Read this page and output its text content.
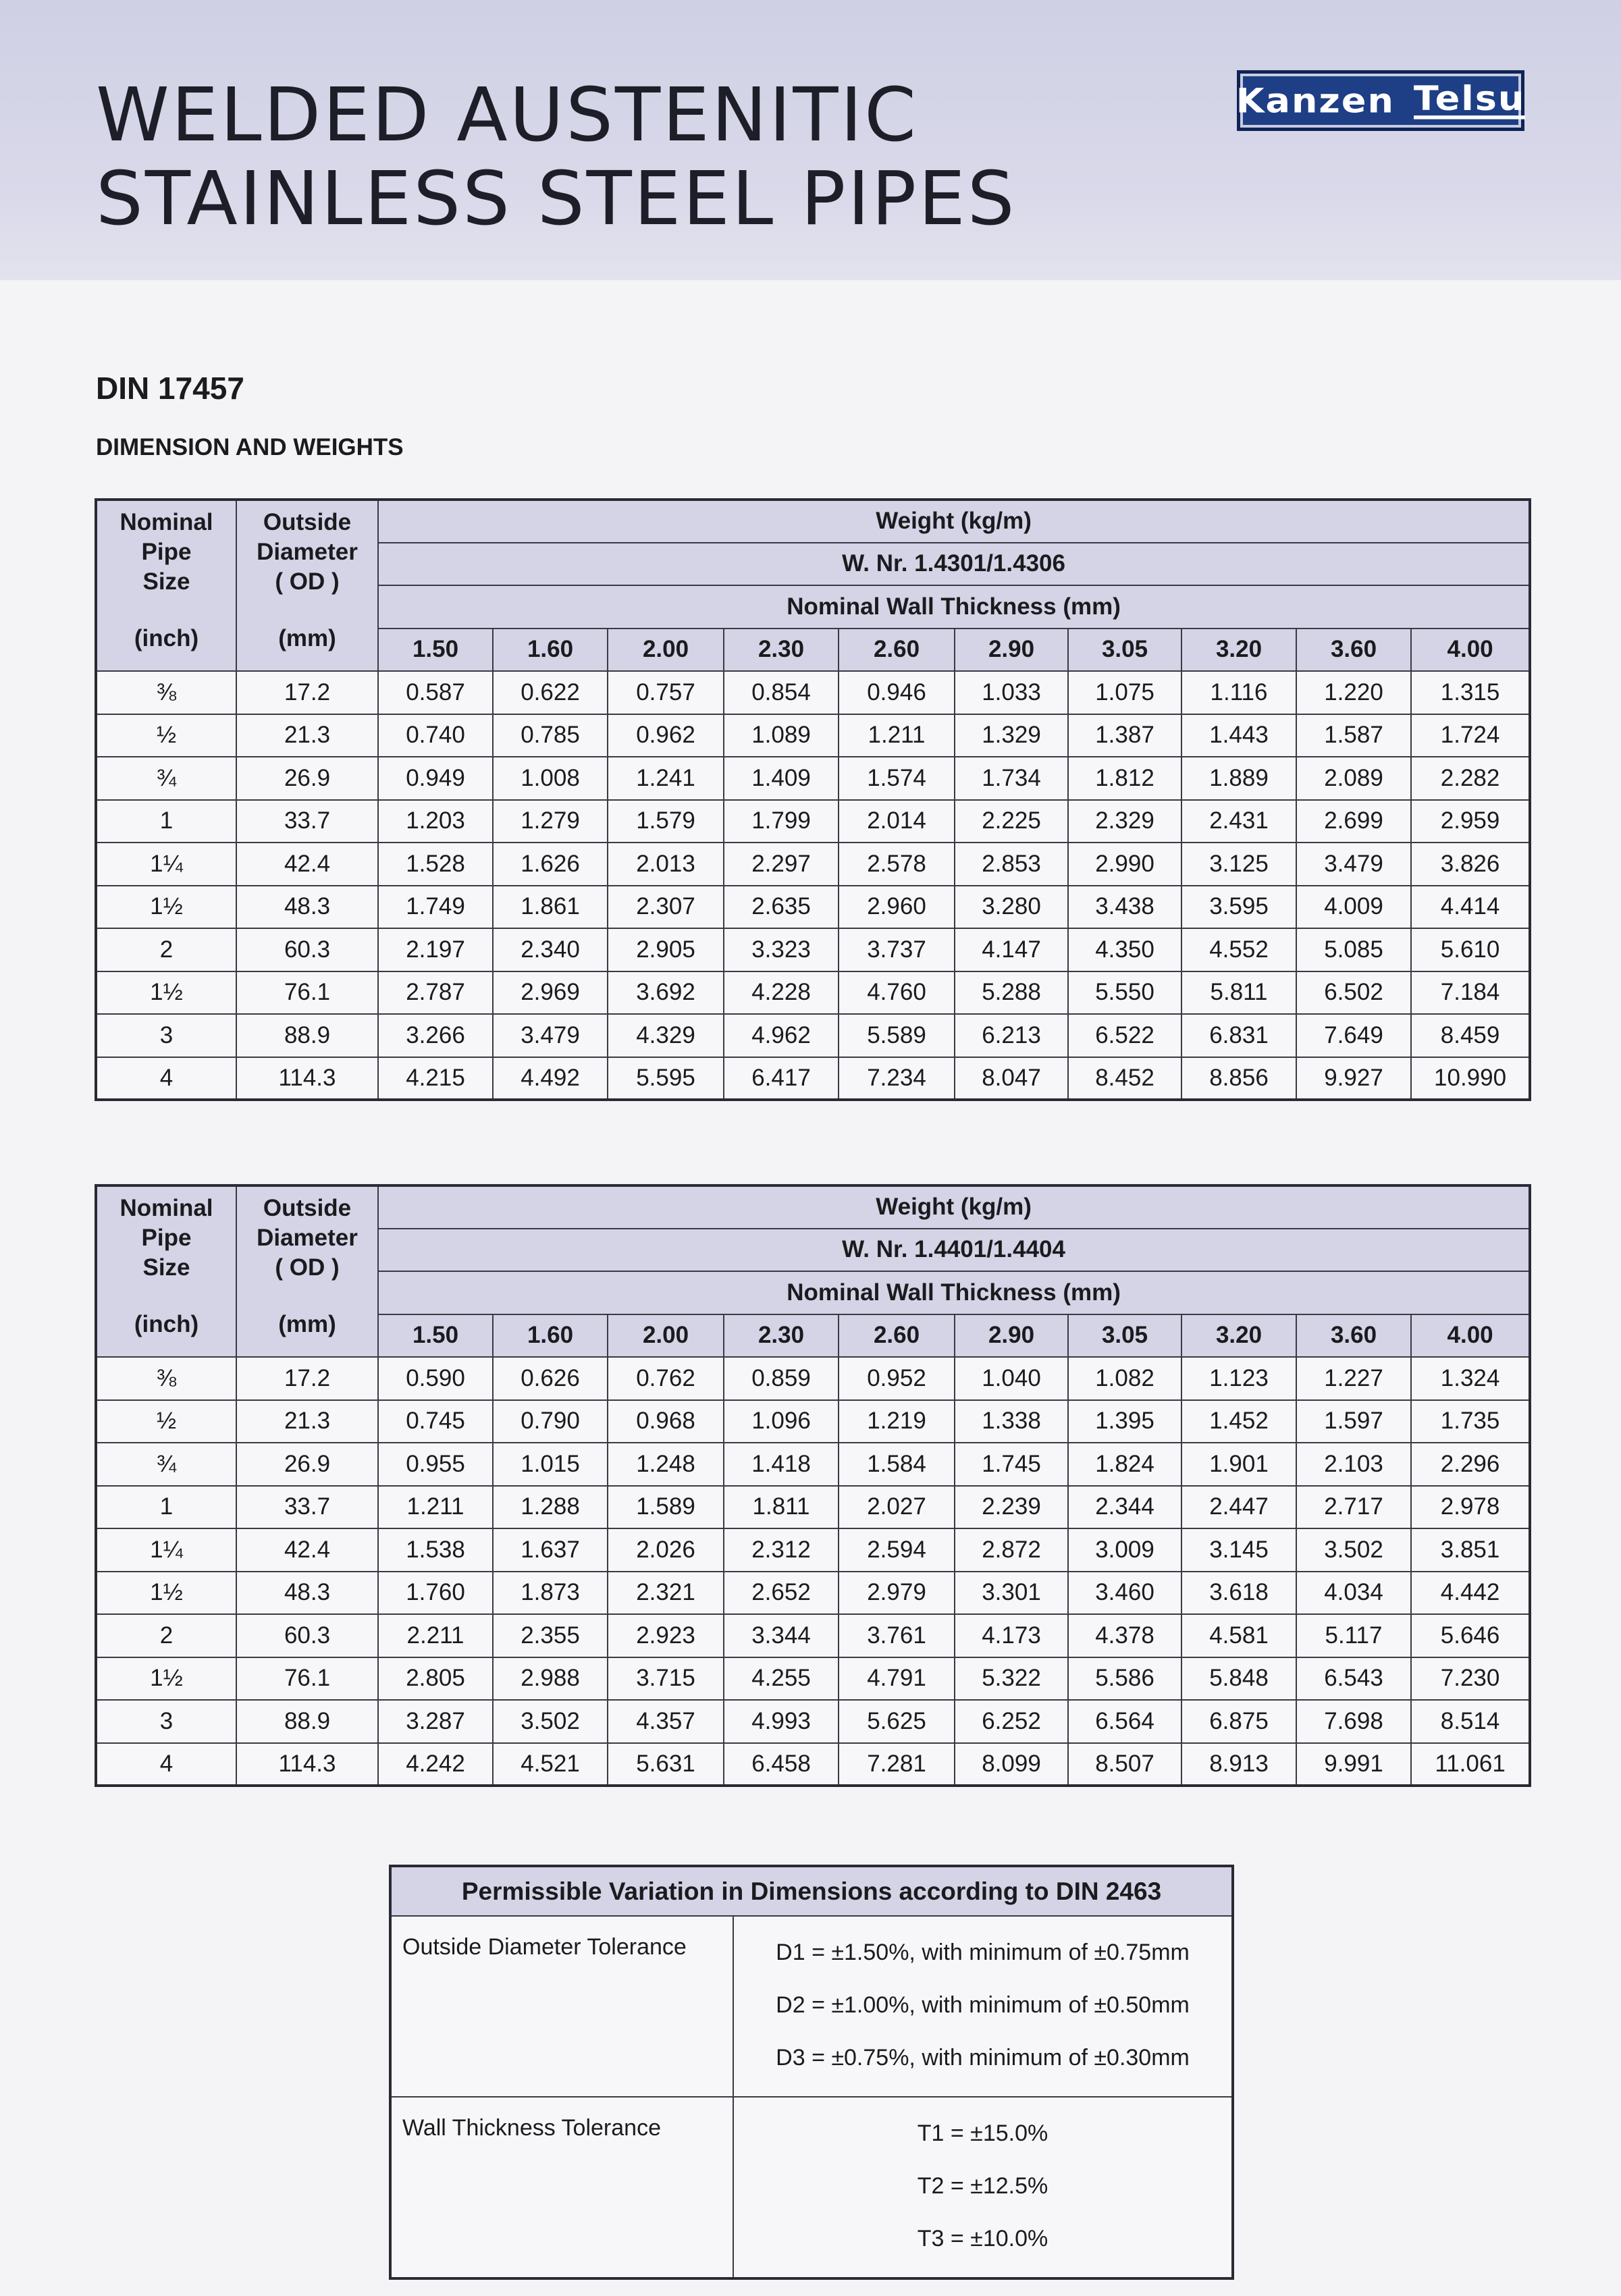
WELDED AUSTENITIC
STAINLESS STEEL PIPES
Kanzen Telsu
DIN 17457
DIMENSION AND WEIGHTS
Nominal
Pipe
Size
(inch)	Outside
Diameter
( OD )
(mm)	Weight (kg/m)									
		W. Nr. 1.4301/1.4306									
		Nominal Wall Thickness (mm)									
		1.50	1.60	2.00	2.30	2.60	2.90	3.05	3.20	3.60	4.00
⅜	17.2	0.587	0.622	0.757	0.854	0.946	1.033	1.075	1.116	1.220	1.315
½	21.3	0.740	0.785	0.962	1.089	1.211	1.329	1.387	1.443	1.587	1.724
¾	26.9	0.949	1.008	1.241	1.409	1.574	1.734	1.812	1.889	2.089	2.282
1	33.7	1.203	1.279	1.579	1.799	2.014	2.225	2.329	2.431	2.699	2.959
1¼	42.4	1.528	1.626	2.013	2.297	2.578	2.853	2.990	3.125	3.479	3.826
1½	48.3	1.749	1.861	2.307	2.635	2.960	3.280	3.438	3.595	4.009	4.414
2	60.3	2.197	2.340	2.905	3.323	3.737	4.147	4.350	4.552	5.085	5.610
1½	76.1	2.787	2.969	3.692	4.228	4.760	5.288	5.550	5.811	6.502	7.184
3	88.9	3.266	3.479	4.329	4.962	5.589	6.213	6.522	6.831	7.649	8.459
4	114.3	4.215	4.492	5.595	6.417	7.234	8.047	8.452	8.856	9.927	10.990
Nominal
Pipe
Size
(inch)	Outside
Diameter
( OD )
(mm)	Weight (kg/m)									
		W. Nr. 1.4401/1.4404									
		Nominal Wall Thickness (mm)									
		1.50	1.60	2.00	2.30	2.60	2.90	3.05	3.20	3.60	4.00
⅜	17.2	0.590	0.626	0.762	0.859	0.952	1.040	1.082	1.123	1.227	1.324
½	21.3	0.745	0.790	0.968	1.096	1.219	1.338	1.395	1.452	1.597	1.735
¾	26.9	0.955	1.015	1.248	1.418	1.584	1.745	1.824	1.901	2.103	2.296
1	33.7	1.211	1.288	1.589	1.811	2.027	2.239	2.344	2.447	2.717	2.978
1¼	42.4	1.538	1.637	2.026	2.312	2.594	2.872	3.009	3.145	3.502	3.851
1½	48.3	1.760	1.873	2.321	2.652	2.979	3.301	3.460	3.618	4.034	4.442
2	60.3	2.211	2.355	2.923	3.344	3.761	4.173	4.378	4.581	5.117	5.646
1½	76.1	2.805	2.988	3.715	4.255	4.791	5.322	5.586	5.848	6.543	7.230
3	88.9	3.287	3.502	4.357	4.993	5.625	6.252	6.564	6.875	7.698	8.514
4	114.3	4.242	4.521	5.631	6.458	7.281	8.099	8.507	8.913	9.991	11.061
Permissible Variation in Dimensions according to DIN 2463	
Outside Diameter Tolerance	D1 = ±1.50%, with minimum of ±0.75mm
D2 = ±1.00%, with minimum of ±0.50mm
D3 = ±0.75%, with minimum of ±0.30mm

Wall Thickness Tolerance	T1 = ±15.0%
T2 = ±12.5%
T3 = ±10.0%
